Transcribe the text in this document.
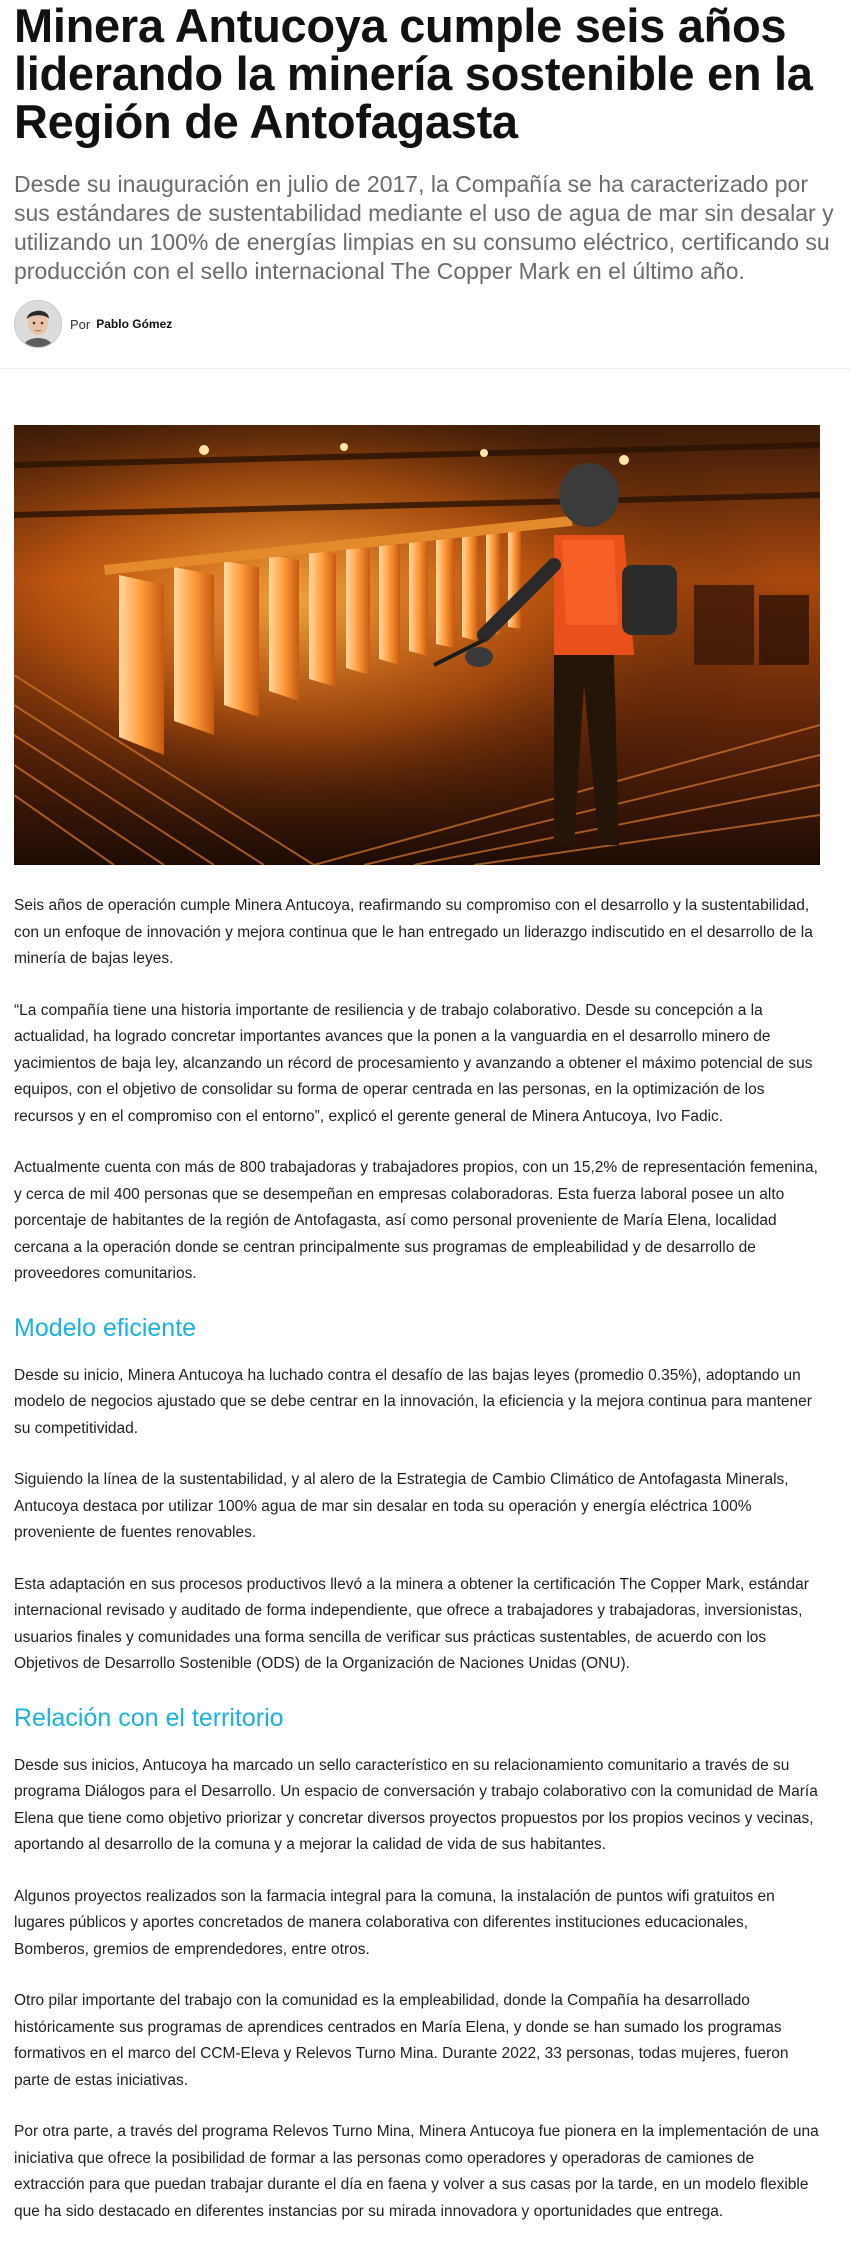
Minera Antucoya cumple seis años liderando la minería sostenible en la Región de Antofagasta

Desde su inauguración en julio de 2017, la Compañía se ha caracterizado por sus estándares de sustentabilidad mediante el uso de agua de mar sin desalar y utilizando un 100% de energías limpias en su consumo eléctrico, certificando su producción con el sello internacional The Copper Mark en el último año.

Por Pablo Gómez

Seis años de operación cumple Minera Antucoya, reafirmando su compromiso con el desarrollo y la sustentabilidad, con un enfoque de innovación y mejora continua que le han entregado un liderazgo indiscutido en el desarrollo de la minería de bajas leyes.

“La compañía tiene una historia importante de resiliencia y de trabajo colaborativo. Desde su concepción a la actualidad, ha logrado concretar importantes avances que la ponen a la vanguardia en el desarrollo minero de yacimientos de baja ley, alcanzando un récord de procesamiento y avanzando a obtener el máximo potencial de sus equipos, con el objetivo de consolidar su forma de operar centrada en las personas, en la optimización de los recursos y en el compromiso con el entorno”, explicó el gerente general de Minera Antucoya, Ivo Fadic.

Actualmente cuenta con más de 800 trabajadoras y trabajadores propios, con un 15,2% de representación femenina, y cerca de mil 400 personas que se desempeñan en empresas colaboradoras. Esta fuerza laboral posee un alto porcentaje de habitantes de la región de Antofagasta, así como personal proveniente de María Elena, localidad cercana a la operación donde se centran principalmente sus programas de empleabilidad y de desarrollo de proveedores comunitarios.

Modelo eficiente

Desde su inicio, Minera Antucoya ha luchado contra el desafío de las bajas leyes (promedio 0.35%), adoptando un modelo de negocios ajustado que se debe centrar en la innovación, la eficiencia y la mejora continua para mantener su competitividad.

Siguiendo la línea de la sustentabilidad, y al alero de la Estrategia de Cambio Climático de Antofagasta Minerals, Antucoya destaca por utilizar 100% agua de mar sin desalar en toda su operación y energía eléctrica 100% proveniente de fuentes renovables.

Esta adaptación en sus procesos productivos llevó a la minera a obtener la certificación The Copper Mark, estándar internacional revisado y auditado de forma independiente, que ofrece a trabajadores y trabajadoras, inversionistas, usuarios finales y comunidades una forma sencilla de verificar sus prácticas sustentables, de acuerdo con los Objetivos de Desarrollo Sostenible (ODS) de la Organización de Naciones Unidas (ONU).

Relación con el territorio

Desde sus inicios, Antucoya ha marcado un sello característico en su relacionamiento comunitario a través de su programa Diálogos para el Desarrollo. Un espacio de conversación y trabajo colaborativo con la comunidad de María Elena que tiene como objetivo priorizar y concretar diversos proyectos propuestos por los propios vecinos y vecinas, aportando al desarrollo de la comuna y a mejorar la calidad de vida de sus habitantes.

Algunos proyectos realizados son la farmacia integral para la comuna, la instalación de puntos wifi gratuitos en lugares públicos y aportes concretados de manera colaborativa con diferentes instituciones educacionales, Bomberos, gremios de emprendedores, entre otros.

Otro pilar importante del trabajo con la comunidad es la empleabilidad, donde la Compañía ha desarrollado históricamente sus programas de aprendices centrados en María Elena, y donde se han sumado los programas formativos en el marco del CCM-Eleva y Relevos Turno Mina. Durante 2022, 33 personas, todas mujeres, fueron parte de estas iniciativas.

Por otra parte, a través del programa Relevos Turno Mina, Minera Antucoya fue pionera en la implementación de una iniciativa que ofrece la posibilidad de formar a las personas como operadores y operadoras de camiones de extracción para que puedan trabajar durante el día en faena y volver a sus casas por la tarde, en un modelo flexible que ha sido destacado en diferentes instancias por su mirada innovadora y oportunidades que entrega.
